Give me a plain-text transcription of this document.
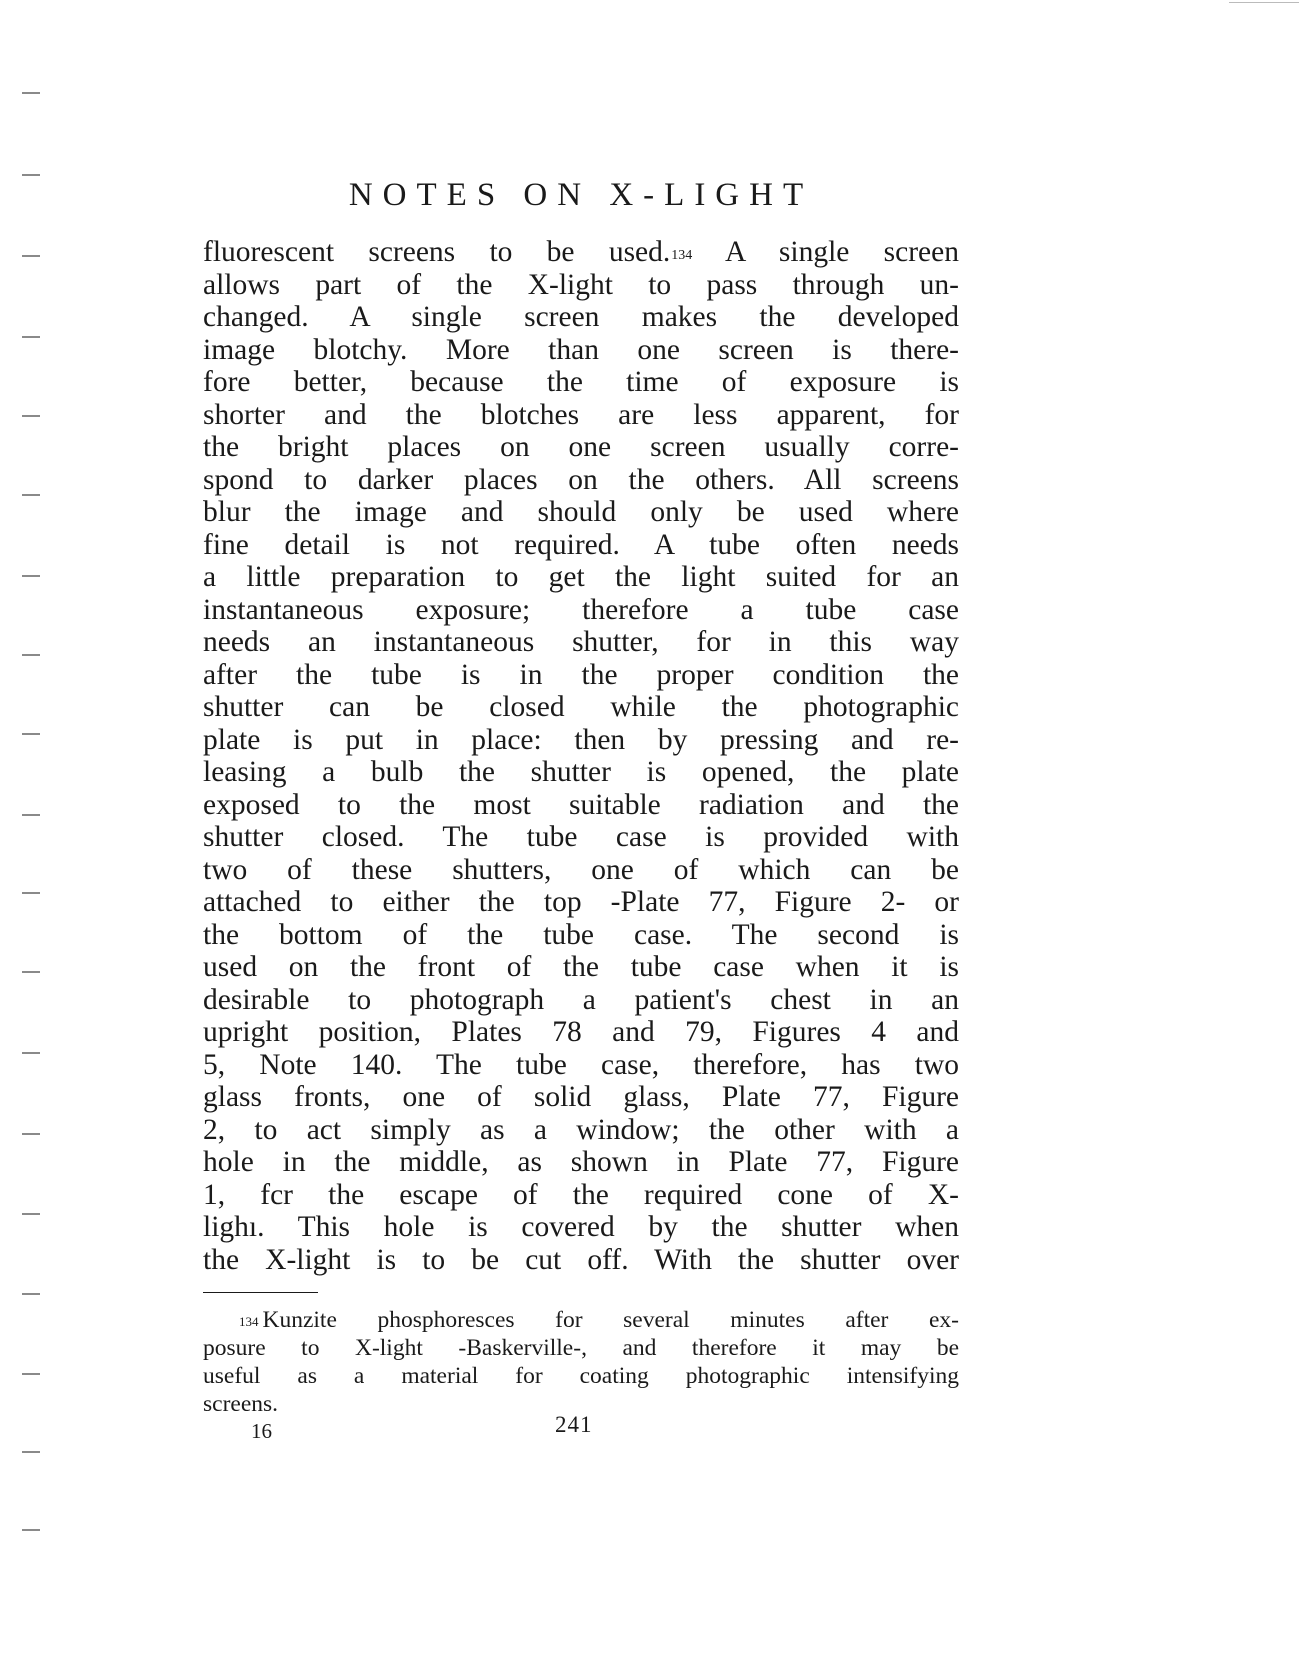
NOTES ON X-LIGHT
fluorescent screens to be used.$^{134}$ A single screen
allows part of the X-light to pass through un-
changed. A single screen makes the developed
image blotchy. More than one screen is there-
fore better, because the time of exposure is
shorter and the blotches are less apparent, for
the bright places on one screen usually corre-
spond to darker places on the others. All screens
blur the image and should only be used where
fine detail is not required. A tube often needs
a little preparation to get the light suited for an
instantaneous exposure; therefore a tube case
needs an instantaneous shutter, for in this way
after the tube is in the proper condition the
shutter can be closed while the photographic
plate is put in place: then by pressing and re-
leasing a bulb the shutter is opened, the plate
exposed to the most suitable radiation and the
shutter closed. The tube case is provided with
two of these shutters, one of which can be
attached to either the top -Plate 77, Figure 2- or
the bottom of the tube case. The second is
used on the front of the tube case when it is
desirable to photograph a patient's chest in an
upright position, Plates 78 and 79, Figures 4 and
5, Note 140. The tube case, therefore, has two
glass fronts, one of solid glass, Plate 77, Figure
2, to act simply as a window; the other with a
hole in the middle, as shown in Plate 77, Figure
1, fcr the escape of the required cone of X-
lighı. This hole is covered by the shutter when
the X-light is to be cut off. With the shutter over
$^{134}$ Kunzite phosphoresces for several minutes after ex-
posure to X-light -Baskerville-, and therefore it may be
useful as a material for coating photographic intensifying
screens.
16	241
